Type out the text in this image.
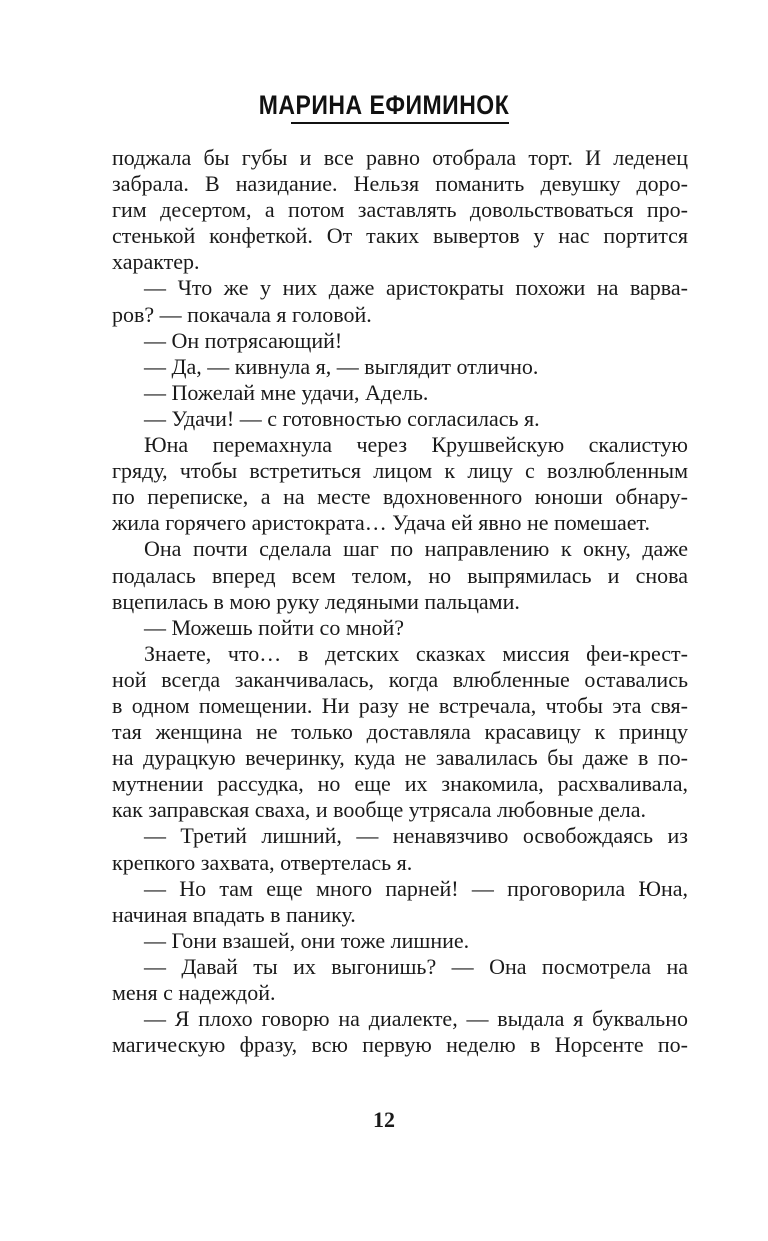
МАРИНА ЕФИМИНОК
поджала бы губы и все равно отобрала торт. И леденец
забрала. В назидание. Нельзя поманить девушку доро-
гим десертом, а потом заставлять довольствоваться про-
стенькой конфеткой. От таких вывертов у нас портится
характер.
— Что же у них даже аристократы похожи на варва-
ров? — покачала я головой.
— Он потрясающий!
— Да, — кивнула я, — выглядит отлично.
— Пожелай мне удачи, Адель.
— Удачи! — с готовностью согласилась я.
Юна перемахнула через Крушвейскую скалистую
гряду, чтобы встретиться лицом к лицу с возлюбленным
по переписке, а на месте вдохновенного юноши обнару-
жила горячего аристократа… Удача ей явно не помешает.
Она почти сделала шаг по направлению к окну, даже
подалась вперед всем телом, но выпрямилась и снова
вцепилась в мою руку ледяными пальцами.
— Можешь пойти со мной?
Знаете, что… в детских сказках миссия феи-крест-
ной всегда заканчивалась, когда влюбленные оставались
в одном помещении. Ни разу не встречала, чтобы эта свя-
тая женщина не только доставляла красавицу к принцу
на дурацкую вечеринку, куда не завалилась бы даже в по-
мутнении рассудка, но еще их знакомила, расхваливала,
как заправская сваха, и вообще утрясала любовные дела.
— Третий лишний, — ненавязчиво освобождаясь из
крепкого захвата, отвертелась я.
— Но там еще много парней! — проговорила Юна,
начиная впадать в панику.
— Гони взашей, они тоже лишние.
— Давай ты их выгонишь? — Она посмотрела на
меня с надеждой.
— Я плохо говорю на диалекте, — выдала я буквально
магическую фразу, всю первую неделю в Норсенте по-
12
